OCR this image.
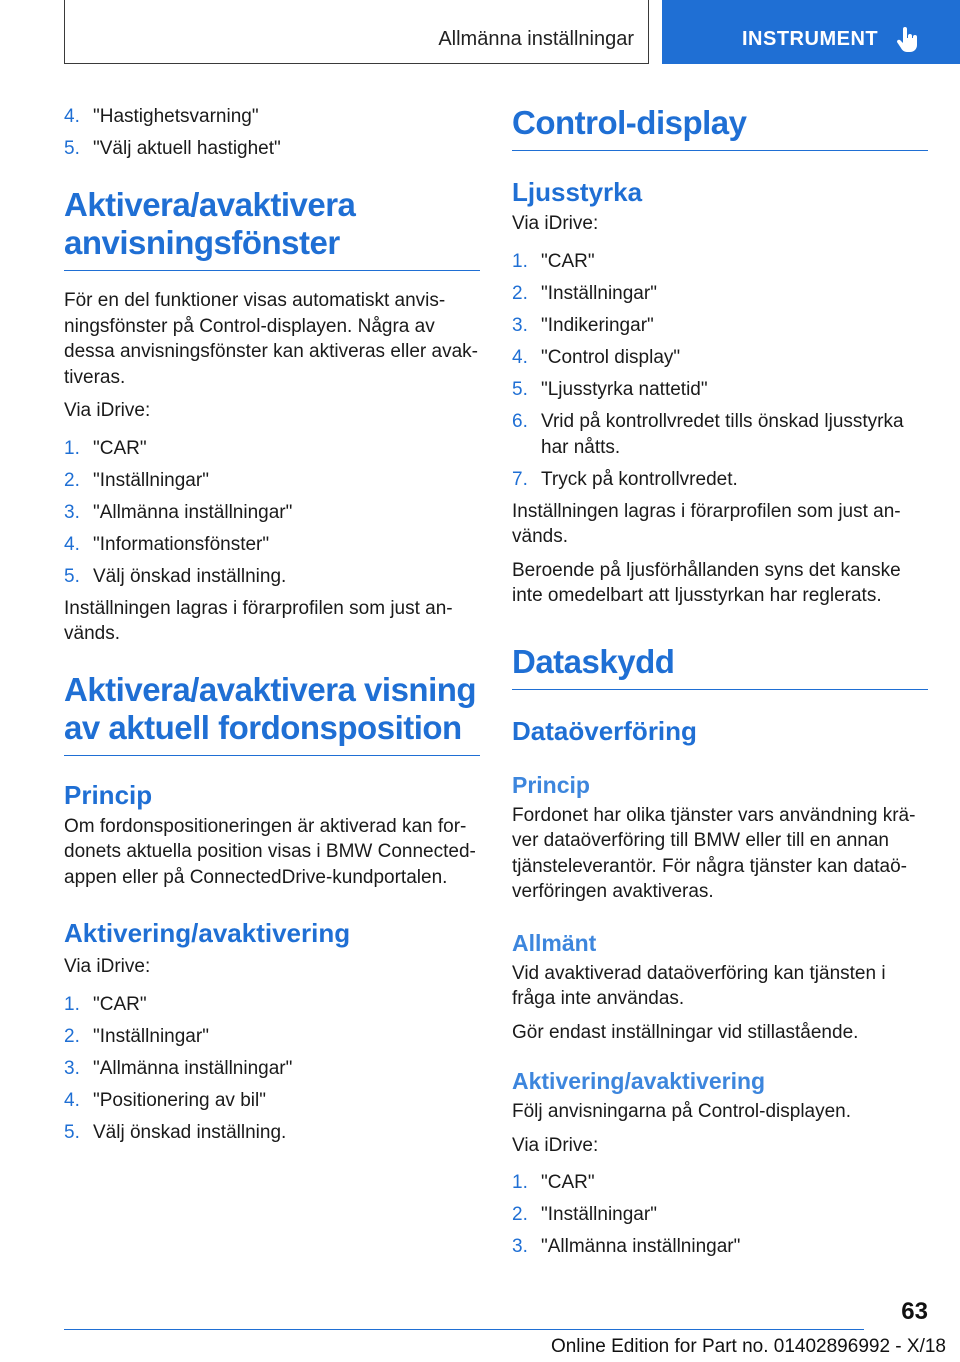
Allmänna inställningar	INSTRUMENT
4. "Hastighetsvarning"
5. "Välj aktuell hastighet"
Aktivera/avaktivera
anvisningsfönster

För en del funktioner visas automatiskt anvis-
ningsfönster på Control-displayen. Några av
dessa anvisningsfönster kan aktiveras eller avak-
tiveras.

Via iDrive:

1. "CAR"
2. "Inställningar"
3. "Allmänna inställningar"
4. "Informationsfönster"
5. Välj önskad inställning.

Inställningen lagras i förarprofilen som just an-
vänds.

Aktivera/avaktivera visning
av aktuell fordonsposition
Princip

Om fordonspositioneringen är aktiverad kan for-
donets aktuella position visas i BMW Connected-
appen eller på ConnectedDrive-kundportalen.

Aktivering/avaktivering

Via iDrive:

1. "CAR"
2. "Inställningar"
3. "Allmänna inställningar"
4. "Positionering av bil"
5. Välj önskad inställning.
Control-display
Ljusstyrka

Via iDrive:

1. "CAR"
2. "Inställningar"
3. "Indikeringar"
4. "Control display"
5. "Ljusstyrka nattetid"
6. Vrid på kontrollvredet tills önskad ljusstyrka
har nåtts.
7. Tryck på kontrollvredet.

Inställningen lagras i förarprofilen som just an-
vänds.

Beroende på ljusförhållanden syns det kanske
inte omedelbart att ljusstyrkan har reglerats.

Dataskydd
Dataöverföring
Princip

Fordonet har olika tjänster vars användning krä-
ver dataöverföring till BMW eller till en annan
tjänsteleverantör. För några tjänster kan dataö-
verföringen avaktiveras.

Allmänt

Vid avaktiverad dataöverföring kan tjänsten i
fråga inte användas.

Gör endast inställningar vid stillastående.

Aktivering/avaktivering

Följ anvisningarna på Control-displayen.

Via iDrive:

1. "CAR"
2. "Inställningar"
3. "Allmänna inställningar"
63
Online Edition for Part no. 01402896992 - X/18
